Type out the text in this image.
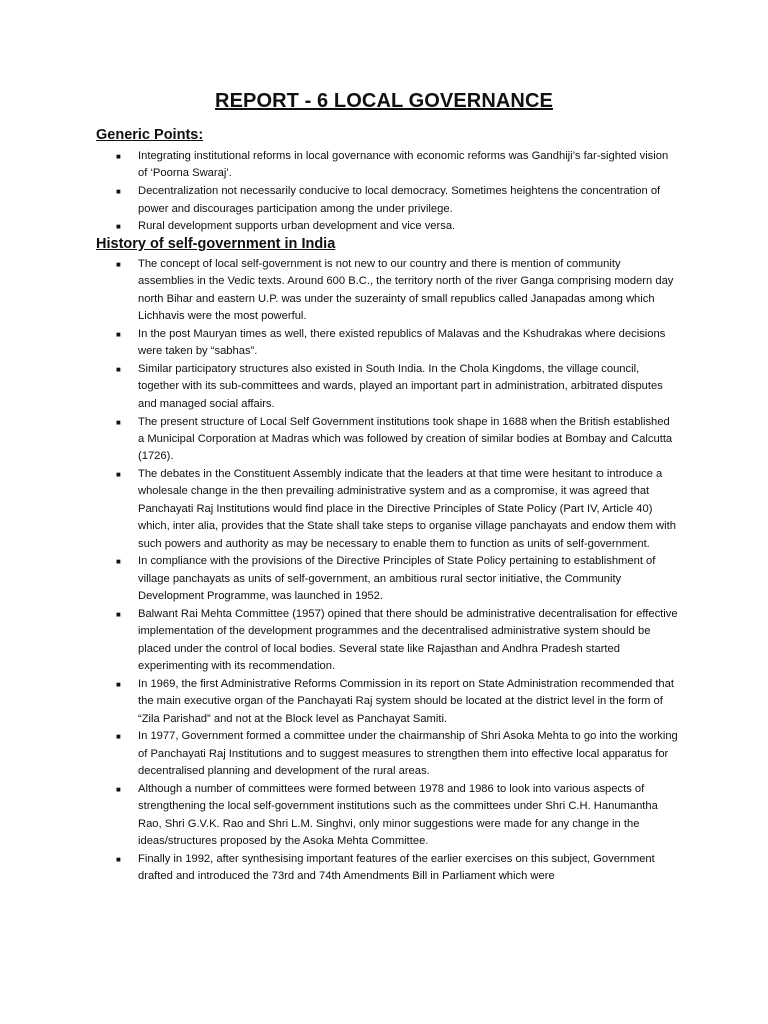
REPORT - 6 LOCAL GOVERNANCE
Generic Points:
■ Integrating institutional reforms in local governance with economic reforms was Gandhiji’s far-sighted vision of ‘Poorna Swaraj’.
■ Decentralization not necessarily conducive to local democracy. Sometimes heightens the concentration of power and discourages participation among the under privilege.
■ Rural development supports urban development and vice versa.
History of self-government in India
■ The concept of local self-government is not new to our country and there is mention of community assemblies in the Vedic texts. Around 600 B.C., the territory north of the river Ganga comprising modern day north Bihar and eastern U.P. was under the suzerainty of small republics called Janapadas among which Lichhavis were the most powerful.
■ In the post Mauryan times as well, there existed republics of Malavas and the Kshudrakas where decisions were taken by “sabhas”.
■ Similar participatory structures also existed in South India. In the Chola Kingdoms, the village council, together with its sub-committees and wards, played an important part in administration, arbitrated disputes and managed social affairs.
■ The present structure of Local Self Government institutions took shape in 1688 when the British established a Municipal Corporation at Madras which was followed by creation of similar bodies at Bombay and Calcutta (1726).
■ The debates in the Constituent Assembly indicate that the leaders at that time were hesitant to introduce a wholesale change in the then prevailing administrative system and as a compromise, it was agreed that Panchayati Raj Institutions would find place in the Directive Principles of State Policy (Part IV, Article 40) which, inter alia, provides that the State shall take steps to organise village panchayats and endow them with such powers and authority as may be necessary to enable them to function as units of self-government.
■ In compliance with the provisions of the Directive Principles of State Policy pertaining to establishment of village panchayats as units of self-government, an ambitious rural sector initiative, the Community Development Programme, was launched in 1952.
■ Balwant Rai Mehta Committee (1957) opined that there should be administrative decentralisation for effective implementation of the development programmes and the decentralised administrative system should be placed under the control of local bodies. Several state like Rajasthan and Andhra Pradesh started experimenting with its recommendation.
■ In 1969, the first Administrative Reforms Commission in its report on State Administration recommended that the main executive organ of the Panchayati Raj system should be located at the district level in the form of “Zila Parishad” and not at the Block level as Panchayat Samiti.
■ In 1977, Government formed a committee under the chairmanship of Shri Asoka Mehta to go into the working of Panchayati Raj Institutions and to suggest measures to strengthen them into effective local apparatus for decentralised planning and development of the rural areas.
■ Although a number of committees were formed between 1978 and 1986 to look into various aspects of strengthening the local self-government institutions such as the committees under Shri C.H. Hanumantha Rao, Shri G.V.K. Rao and Shri L.M. Singhvi, only minor suggestions were made for any change in the ideas/structures proposed by the Asoka Mehta Committee.
■ Finally in 1992, after synthesising important features of the earlier exercises on this subject, Government drafted and introduced the 73rd and 74th Amendments Bill in Parliament which were
